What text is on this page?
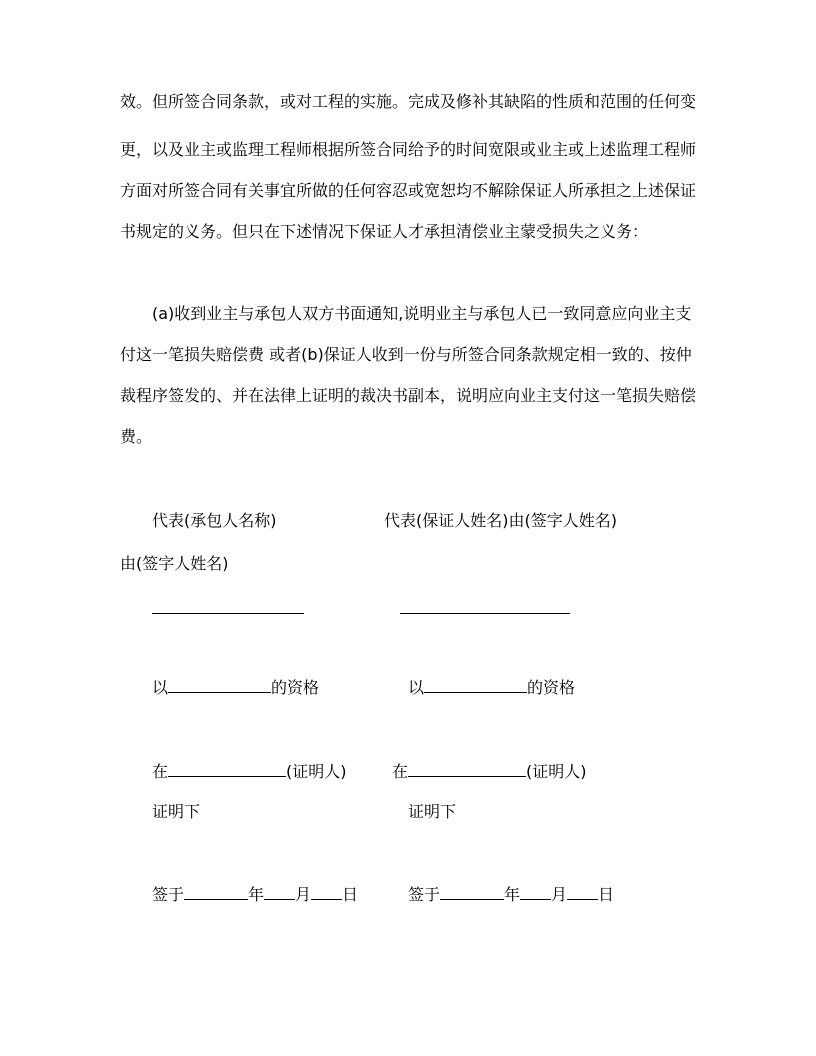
效。但所签合同条款，或对工程的实施。完成及修补其缺陷的性质和范围的任何变
更，以及业主或监理工程师根据所签合同给予的时间宽限或业主或上述监理工程师
方面对所签合同有关事宜所做的任何容忍或宽恕均不解除保证人所承担之上述保证
书规定的义务。但只在下述情况下保证人才承担清偿业主蒙受损失之义务：
(a)收到业主与承包人双方书面通知,说明业主与承包人已一致同意应向业主支
付这一笔损失赔偿费 或者(b)保证人收到一份与所签合同条款规定相一致的、按仲
裁程序签发的、并在法律上证明的裁决书副本，说明应向业主支付这一笔损失赔偿
费。
代表(承包人名称)	代表(保证人姓名)由(签字人姓名)
由(签字人姓名)
以	的资格	以	的资格
在	(证明人)	在	(证明人)
证明下	证明下
签于	年 月 日	签于	年 月 日
